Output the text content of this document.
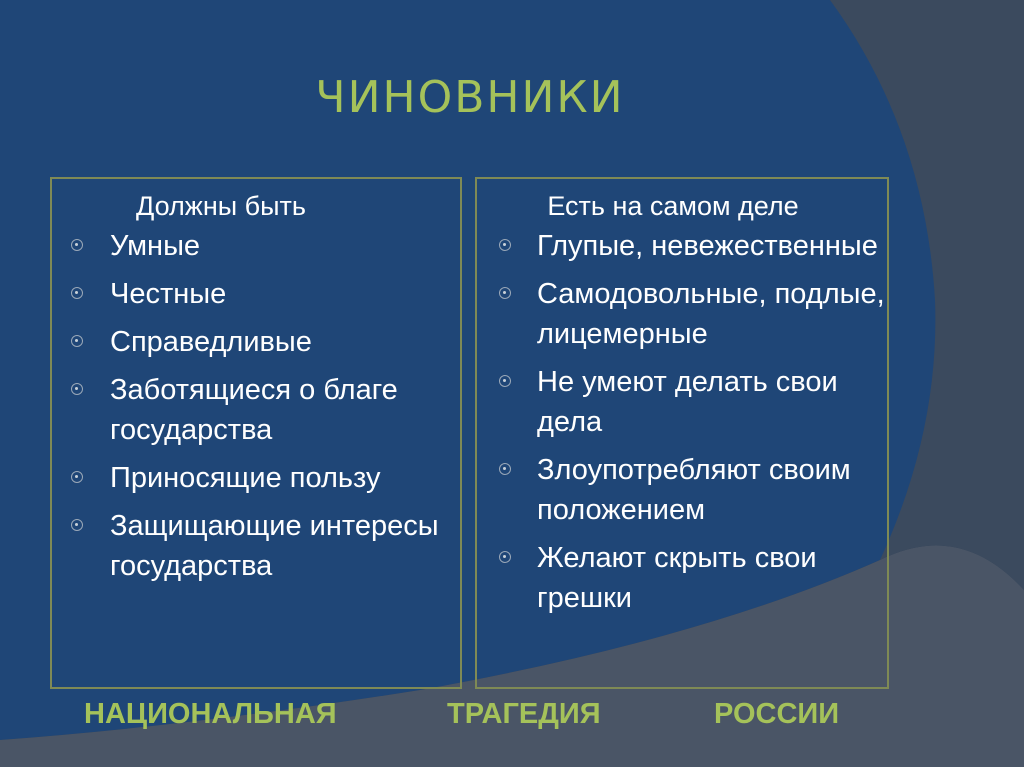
ЧИНОВНИКИ
Должны быть
Умные
Честные
Справедливые
Заботящиеся о благе государства
Приносящие пользу
Защищающие интересы государства
Есть на самом деле
Глупые, невежественные
Самодовольные, подлые, лицемерные
Не умеют делать свои дела
Злоупотребляют своим положением
Желают скрыть свои грешки
НАЦИОНАЛЬНАЯ	ТРАГЕДИЯ	РОССИИ
